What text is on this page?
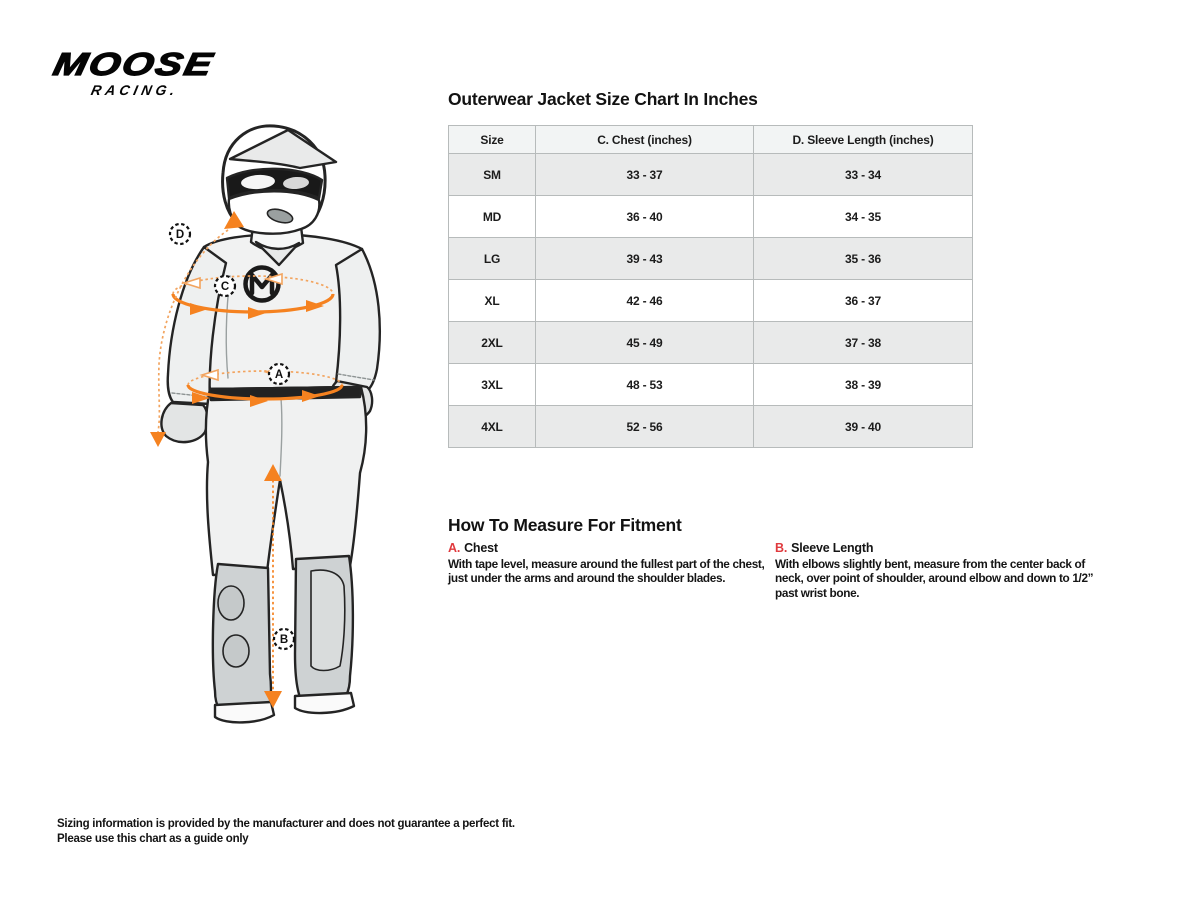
MOOSE
RACING.
D
C
A
B
Outerwear Jacket Size Chart In Inches
Size	C. Chest (inches)	D. Sleeve Length (inches)
SM	33 - 37	33 - 34
MD	36 - 40	34 - 35
LG	39 - 43	35 - 36
XL	42 - 46	36 - 37
2XL	45 - 49	37 - 38
3XL	48 - 53	38 - 39
4XL	52 - 56	39 - 40
How To Measure For Fitment
A. Chest
With tape level, measure around the fullest part of the chest, just under the arms and around the shoulder blades.
B. Sleeve Length
With elbows slightly bent, measure from the center back of neck, over point of shoulder, around elbow and down to 1/2” past wrist bone.
Sizing information is provided by the manufacturer and does not guarantee a perfect fit.
Please use this chart as a guide only
